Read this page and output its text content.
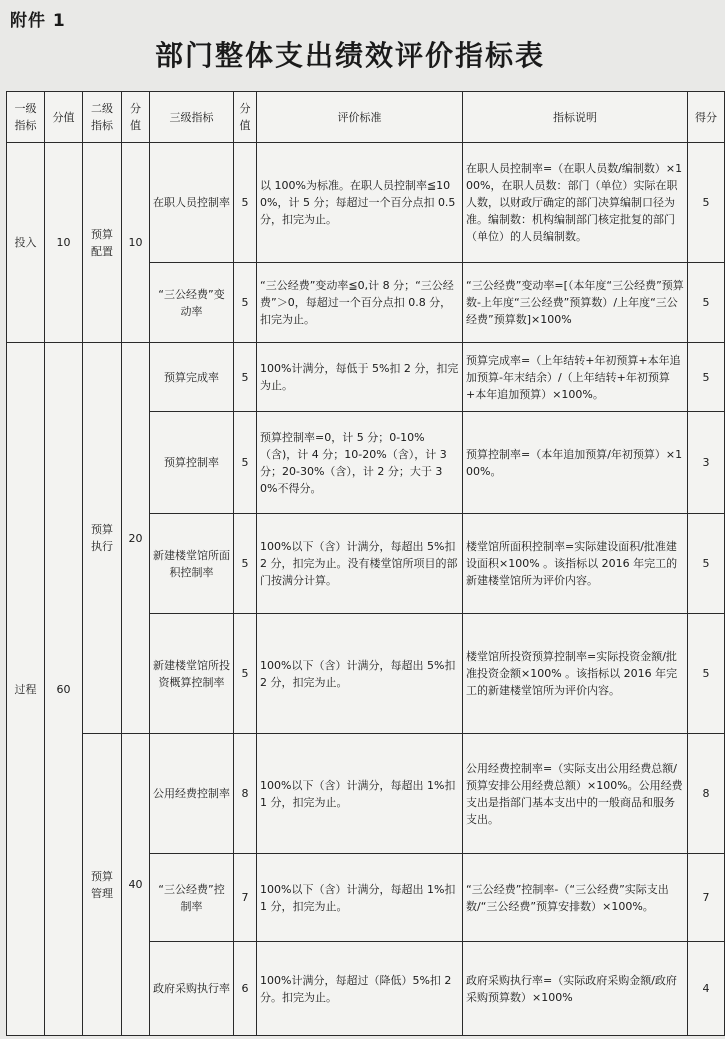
附件 1
部门整体支出绩效评价指标表
一级指标	分值	二级指标	分值	三级指标	分值	评价标准	指标说明	得分
投入	10	预算配置	10	在职人员控制率	5	以 100%为标准。在职人员控制率≦100%，计 5 分；每超过一个百分点扣 0.5 分，扣完为止。	在职人员控制率=（在职人员数/编制数）×100%，在职人员数：部门（单位）实际在职人数，以财政厅确定的部门决算编制口径为准。编制数：机构编制部门核定批复的部门（单位）的人员编制数。	5
				“三公经费”变动率	5	“三公经费”变动率≦0,计 8 分；“三公经费”＞0，每超过一个百分点扣 0.8 分，扣完为止。	“三公经费”变动率=[（本年度“三公经费”预算数-上年度“三公经费”预算数）/上年度“三公经费”预算数]×100%	5
过程	60	预算执行	20	预算完成率	5	100%计满分，每低于 5%扣 2 分，扣完为止。	预算完成率=（上年结转+年初预算+本年追加预算-年末结余）/（上年结转+年初预算+本年追加预算）×100%。	5
				预算控制率	5	预算控制率=0，计 5 分；0-10%（含)，计 4 分；10-20%（含），计 3 分；20-30%（含），计 2 分；大于 30%不得分。	预算控制率=（本年追加预算/年初预算）×100%。	3
				新建楼堂馆所面积控制率	5	100%以下（含）计满分，每超出 5%扣 2 分，扣完为止。没有楼堂馆所项目的部门按满分计算。	楼堂馆所面积控制率=实际建设面积/批准建设面积×100% 。该指标以 2016 年完工的新建楼堂馆所为评价内容。	5
				新建楼堂馆所投资概算控制率	5	100%以下（含）计满分，每超出 5%扣 2 分，扣完为止。	楼堂馆所投资预算控制率=实际投资金额/批准投资金额×100% 。该指标以 2016 年完工的新建楼堂馆所为评价内容。	5
		预算管理	40	公用经费控制率	8	100%以下（含）计满分，每超出 1%扣 1 分，扣完为止。	公用经费控制率=（实际支出公用经费总额/预算安排公用经费总额）×100%。公用经费支出是指部门基本支出中的一般商品和服务支出。	8
				“三公经费”控制率	7	100%以下（含）计满分，每超出 1%扣 1 分，扣完为止。	“三公经费”控制率-（“三公经费”实际支出数/“三公经费”预算安排数）×100%。	7
				政府采购执行率	6	100%计满分，每超过（降低）5%扣 2 分。扣完为止。	政府采购执行率=（实际政府采购金额/政府采购预算数）×100%	4
